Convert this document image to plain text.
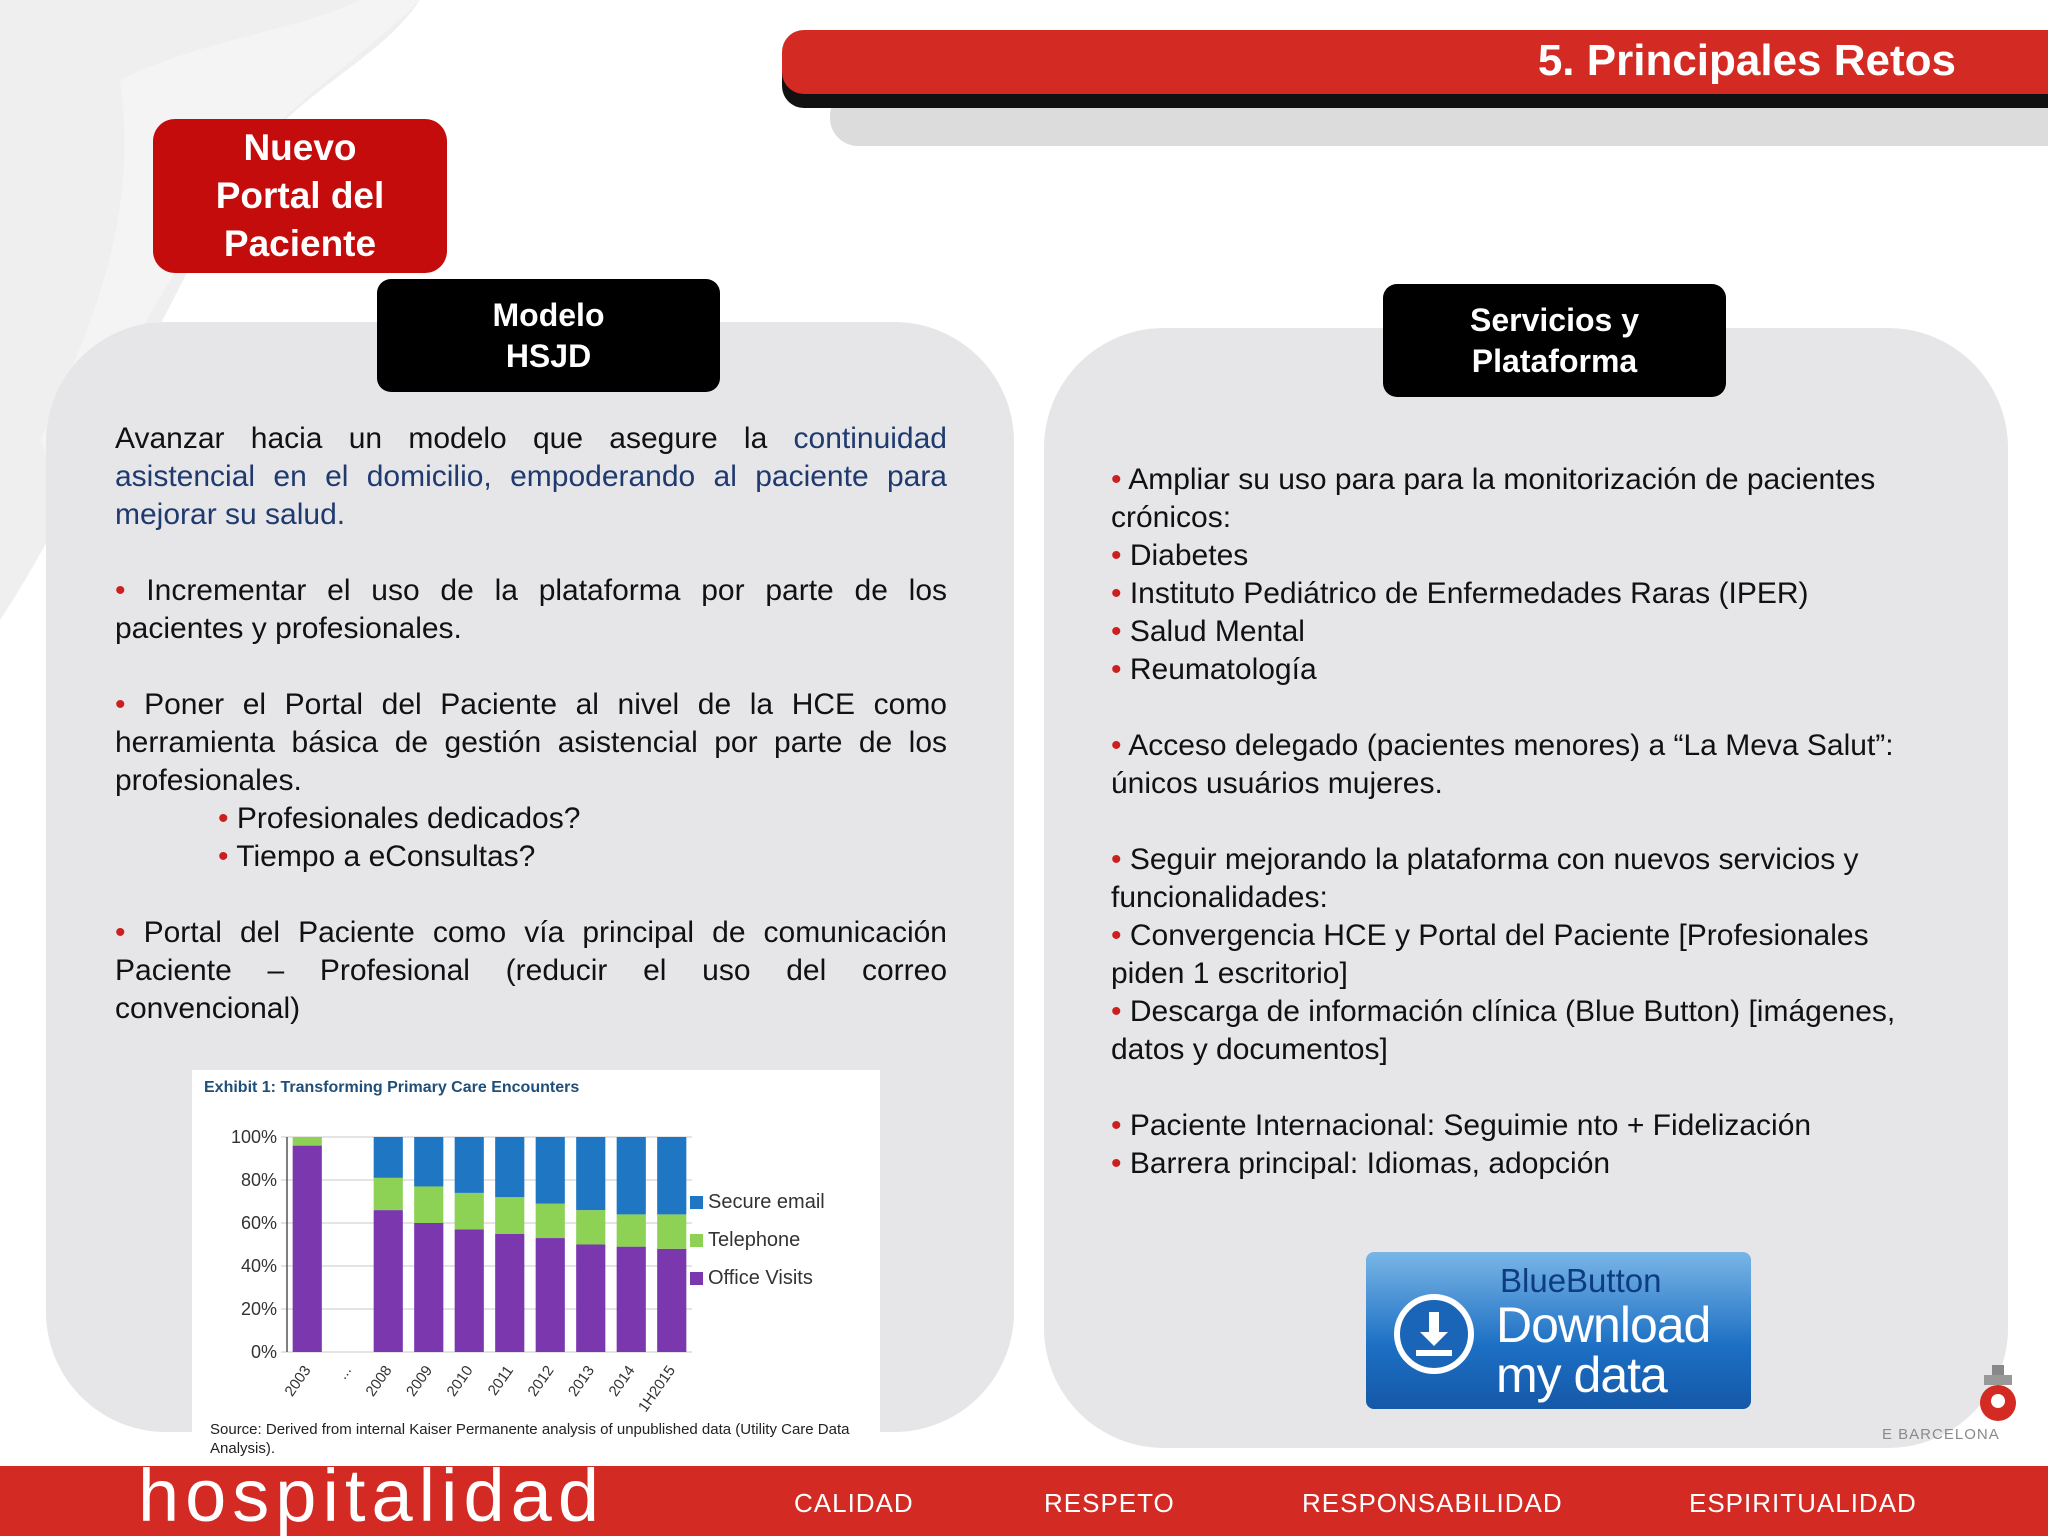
5. Principales Retos
Nuevo
Portal del
Paciente
Modelo
HSJD
Servicios y
Plataforma

Avanzar hacia un modelo que asegure la continuidad asistencial en el domicilio, empoderando al paciente para mejorar su salud.

• Incrementar el uso de la plataforma por parte de los pacientes y profesionales.

• Poner el Portal del Paciente al nivel de la HCE como herramienta básica de gestión asistencial por parte de los profesionales.

• Profesionales dedicados?

• Tiempo a eConsultas?

• Portal del Paciente como vía principal de comunicación Paciente – Profesional (reducir el uso del correo convencional)

Exhibit 1: Transforming Primary Care Encounters
100%
80%
60%
40%
20%
0%
2003 ... 2008 2009 2010 2011 2012 2013 2014
1H2015
Secure email
Telephone
Office Visits
Source: Derived from internal Kaiser Permanente analysis of unpublished data (Utility Care Data Analysis).

• Ampliar su uso para para la monitorización de pacientes crónicos:

• Diabetes

• Instituto Pediátrico de Enfermedades Raras (IPER)

• Salud Mental

• Reumatología

• Acceso delegado (pacientes menores) a “La Meva Salut”: únicos usuários mujeres.

• Seguir mejorando la plataforma con nuevos servicios y funcionalidades:

• Convergencia HCE y Portal del Paciente [Profesionales piden 1 escritorio]

• Descarga de información clínica (Blue Button) [imágenes, datos y documentos]

• Paciente Internacional: Seguimie nto + Fidelización

• Barrera principal: Idiomas, adopción

BlueButton
Download
my data
E BARCELONA
hospitalidad	CALIDAD	RESPETO	RESPONSABILIDAD	ESPIRITUALIDAD
